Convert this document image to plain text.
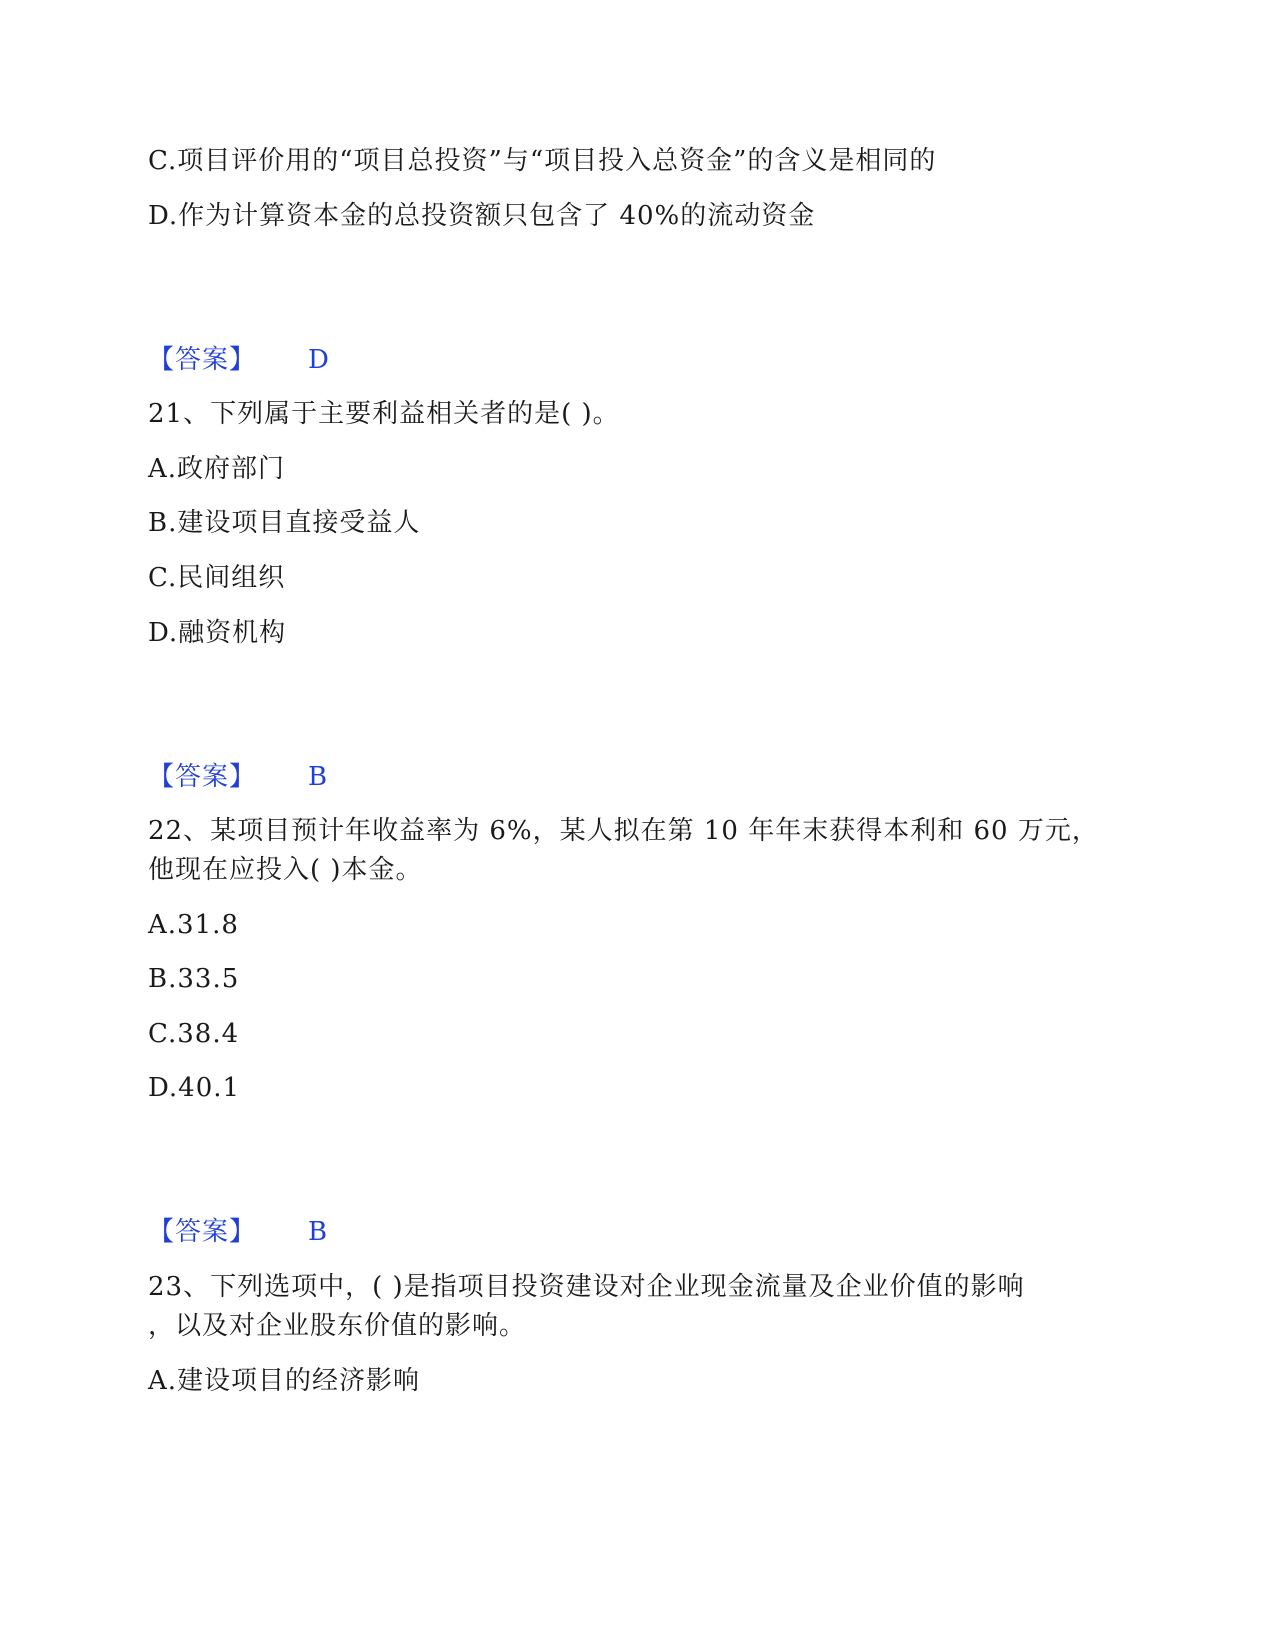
C.项目评价用的“项目总投资”与“项目投入总资金”的含义是相同的
D.作为计算资本金的总投资额只包含了 40%的流动资金
【答案】 D
21、下列属于主要利益相关者的是( )。
A.政府部门
B.建设项目直接受益人
C.民间组织
D.融资机构
【答案】 B
22、某项目预计年收益率为 6%，某人拟在第 10 年年末获得本利和 60 万元，
他现在应投入( )本金。
A.31.8
B.33.5
C.38.4
D.40.1
【答案】 B
23、下列选项中，( )是指项目投资建设对企业现金流量及企业价值的影响
，以及对企业股东价值的影响。
A.建设项目的经济影响
